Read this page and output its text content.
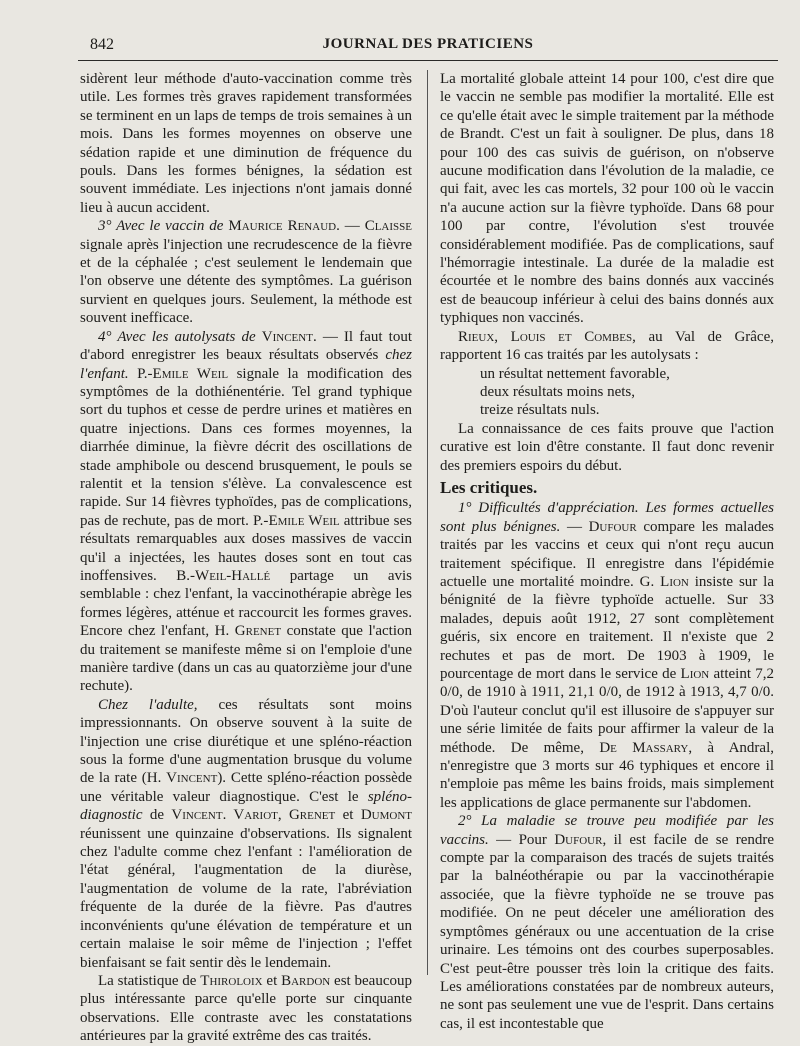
842	JOURNAL DES PRATICIENS

sidèrent leur méthode d'auto-vaccination comme très utile. Les formes très graves rapidement transformées se terminent en un laps de temps de trois semaines à un mois. Dans les formes moyennes on observe une sédation rapide et une diminution de fréquence du pouls. Dans les formes bénignes, la sédation est souvent immédiate. Les injections n'ont jamais donné lieu à aucun accident.

3° Avec le vaccin de Maurice Renaud. — Claisse signale après l'injection une recrudescence de la fièvre et de la céphalée ; c'est seulement le lendemain que l'on observe une détente des symptômes. La guérison survient en quelques jours. Seulement, la méthode est souvent inefficace.

4° Avec les autolysats de Vincent. — Il faut tout d'abord enregistrer les beaux résultats observés chez l'enfant. P.-Emile Weil signale la modification des symptômes de la dothiénentérie. Tel grand typhique sort du tuphos et cesse de perdre urines et matières en quatre injections. Dans ces formes moyennes, la diarrhée diminue, la fièvre décrit des oscillations de stade amphibole ou descend brusquement, le pouls se ralentit et la tension s'élève. La convalescence est rapide. Sur 14 fièvres typhoïdes, pas de complications, pas de rechute, pas de mort. P.-Emile Weil attribue ses résultats remarquables aux doses massives de vaccin qu'il a injectées, les hautes doses sont en tout cas inoffensives. B.-Weil-Hallé partage un avis semblable : chez l'enfant, la vaccinothérapie abrège les formes légères, atténue et raccourcit les formes graves. Encore chez l'enfant, H. Grenet constate que l'action du traitement se manifeste même si on l'emploie d'une manière tardive (dans un cas au quatorzième jour d'une rechute).

Chez l'adulte, ces résultats sont moins impressionnants. On observe souvent à la suite de l'injection une crise diurétique et une spléno-réaction sous la forme d'une augmentation brusque du volume de la rate (H. Vincent). Cette spléno-réaction possède une véritable valeur diagnostique. C'est le spléno-diagnostic de Vincent. Variot, Grenet et Dumont réunissent une quinzaine d'observations. Ils signalent chez l'adulte comme chez l'enfant : l'amélioration de l'état général, l'augmentation de la diurèse, l'augmentation de volume de la rate, l'abréviation fréquente de la durée de la fièvre. Pas d'autres inconvénients qu'une élévation de température et un certain malaise le soir même de l'injection ; l'effet bienfaisant se fait sentir dès le lendemain.

La statistique de Thiroloix et Bardon est beaucoup plus intéressante parce qu'elle porte sur cinquante observations. Elle contraste avec les constatations antérieures par la gravité extrême des cas traités.

La mortalité globale atteint 14 pour 100, c'est dire que le vaccin ne semble pas modifier la mortalité. Elle est ce qu'elle était avec le simple traitement par la méthode de Brandt. C'est un fait à souligner. De plus, dans 18 pour 100 des cas suivis de guérison, on n'observe aucune modification dans l'évolution de la maladie, ce qui fait, avec les cas mortels, 32 pour 100 où le vaccin n'a aucune action sur la fièvre typhoïde. Dans 68 pour 100 par contre, l'évolution s'est trouvée considérablement modifiée. Pas de complications, sauf l'hémorragie intestinale. La durée de la maladie est écourtée et le nombre des bains donnés aux vaccinés est de beaucoup inférieur à celui des bains donnés aux typhiques non vaccinés.

Rieux, Louis et Combes, au Val de Grâce, rapportent 16 cas traités par les autolysats :

un résultat nettement favorable,

deux résultats moins nets,

treize résultats nuls.

La connaissance de ces faits prouve que l'action curative est loin d'être constante. Il faut donc revenir des premiers espoirs du début.

Les critiques.

1° Difficultés d'appréciation. Les formes actuelles sont plus bénignes. — Dufour compare les malades traités par les vaccins et ceux qui n'ont reçu aucun traitement spécifique. Il enregistre dans l'épidémie actuelle une mortalité moindre. G. Lion insiste sur la bénignité de la fièvre typhoïde actuelle. Sur 33 malades, depuis août 1912, 27 sont complètement guéris, six encore en traitement. Il n'existe que 2 rechutes et pas de mort. De 1903 à 1909, le pourcentage de mort dans le service de Lion atteint 7,2 0/0, de 1910 à 1911, 21,1 0/0, de 1912 à 1913, 4,7 0/0. D'où l'auteur conclut qu'il est illusoire de s'appuyer sur une série limitée de faits pour affirmer la valeur de la méthode. De même, De Massary, à Andral, n'enregistre que 3 morts sur 46 typhiques et encore il n'emploie pas même les bains froids, mais simplement les applications de glace permanente sur l'abdomen.

2° La maladie se trouve peu modifiée par les vaccins. — Pour Dufour, il est facile de se rendre compte par la comparaison des tracés de sujets traités par la balnéothérapie ou par la vaccinothérapie associée, que la fièvre typhoïde ne se trouve pas modifiée. On ne peut déceler une amélioration des symptômes généraux ou une accentuation de la crise urinaire. Les témoins ont des courbes superposables. C'est peut-être pousser très loin la critique des faits. Les améliorations constatées par de nombreux auteurs, ne sont pas seulement une vue de l'esprit. Dans certains cas, il est incontestable que
